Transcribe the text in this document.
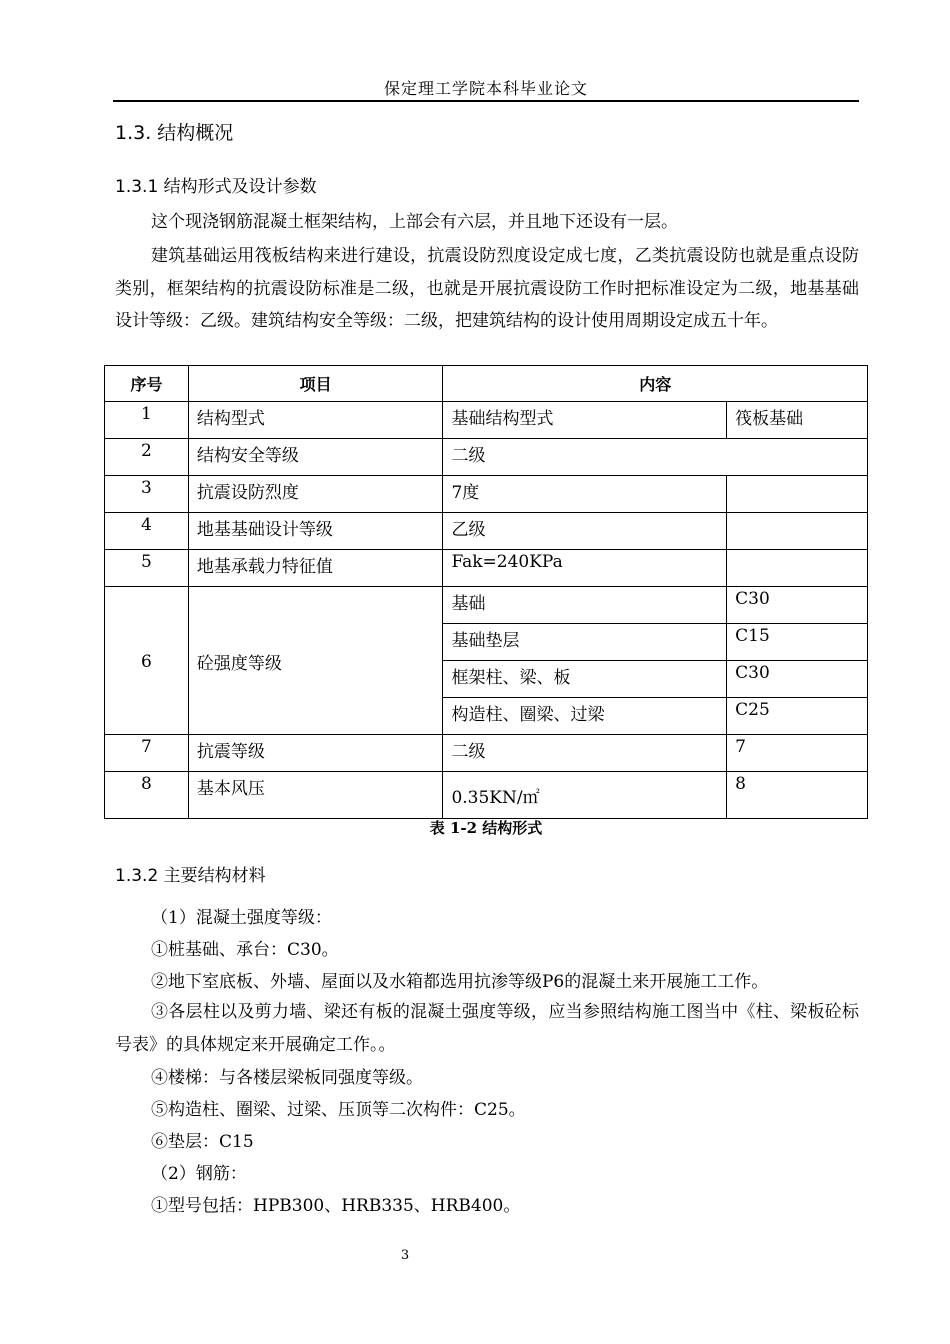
保定理工学院本科毕业论文
1.3. 结构概况
1.3.1 结构形式及设计参数

这个现浇钢筋混凝土框架结构，上部会有六层，并且地下还设有一层。

建筑基础运用筏板结构来进行建设，抗震设防烈度设定成七度，乙类抗震设防也就是重点设防类别，框架结构的抗震设防标准是二级，也就是开展抗震设防工作时把标准设定为二级，地基基础设计等级：乙级。建筑结构安全等级：二级，把建筑结构的设计使用周期设定成五十年。

序号	项目	内容	
1	结构型式	基础结构型式	筏板基础
2	结构安全等级	二级	
3	抗震设防烈度	7度	
4	地基基础设计等级	乙级	
5	地基承载力特征值	Fak=240KPa	
6	砼强度等级	基础	C30
		基础垫层	C15
		框架柱、梁、板	C30
		构造柱、圈梁、过梁	C25
7	抗震等级	二级	7
8	基本风压	0.35KN/㎡	8
表 1-2 结构形式
1.3.2 主要结构材料
（1）混凝土强度等级：
①桩基础、承台：C30。
②地下室底板、外墙、屋面以及水箱都选用抗渗等级P6的混凝土来开展施工工作。

③各层柱以及剪力墙、梁还有板的混凝土强度等级，应当参照结构施工图当中《柱、梁板砼标号表》的具体规定来开展确定工作。。

④楼梯：与各楼层梁板同强度等级。
⑤构造柱、圈梁、过梁、压顶等二次构件：C25。
⑥垫层：C15
（2）钢筋：
①型号包括：HPB300、HRB335、HRB400。
3
